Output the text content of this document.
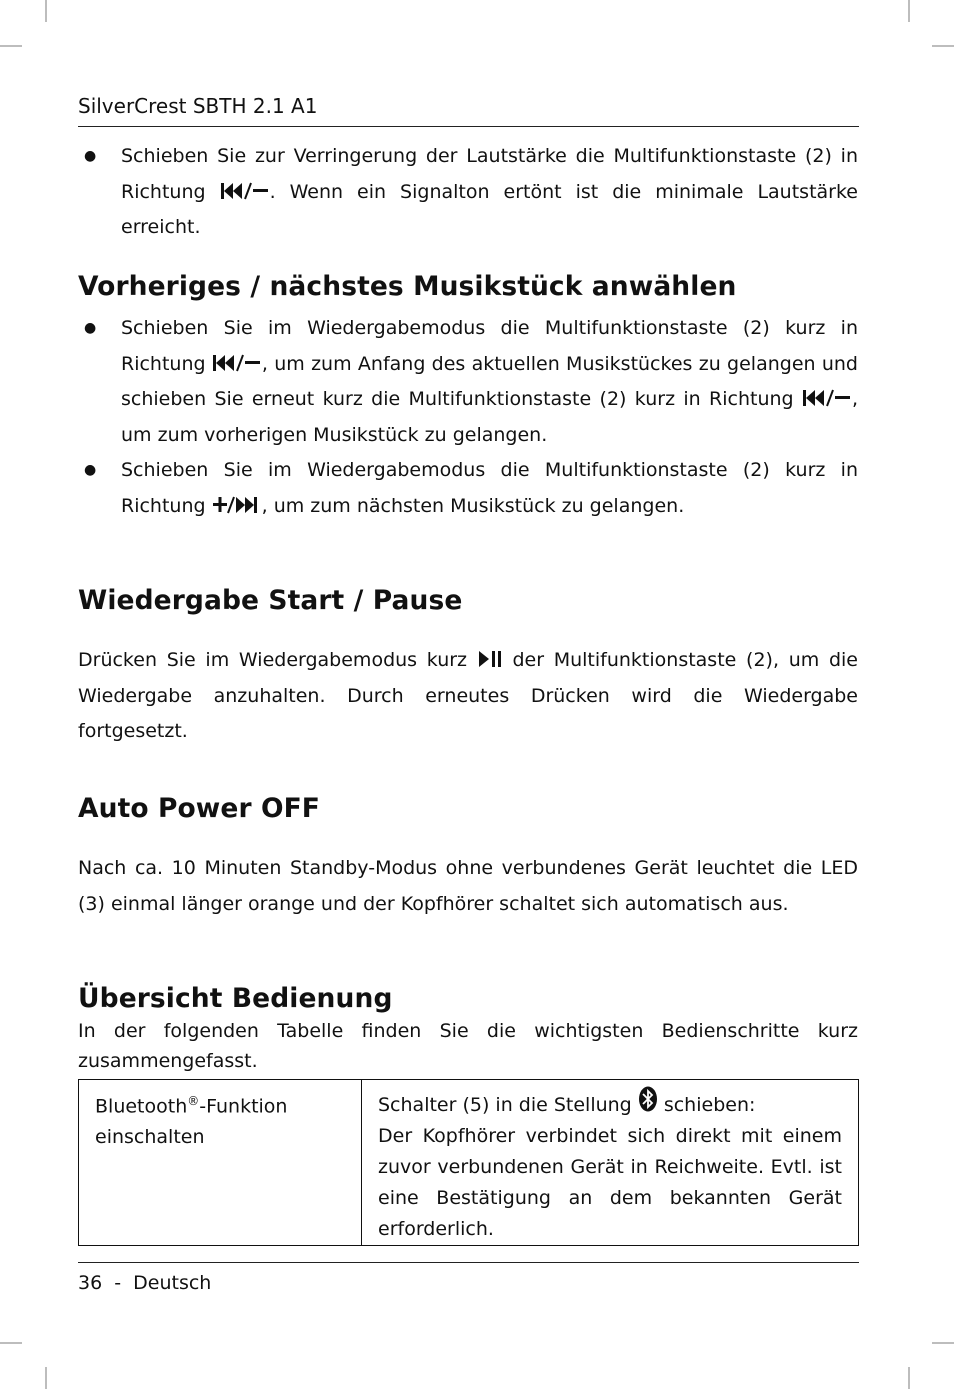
SilverCrest SBTH 2.1 A1
● Schieben Sie zur Verringerung der Lautstärke die Multifunktionstaste (2) in Richtung	. Wenn ein Signalton ertönt ist die minimale Lautstärke erreicht.
Vorheriges / nächstes Musikstück anwählen
● Schieben Sie im Wiedergabemodus die Multifunktionstaste (2) kurz in Richtung	, um zum Anfang des aktuellen Musikstückes zu gelangen und schieben Sie erneut kurz die Multifunktionstaste (2) kurz in Richtung	, um zum vorherigen Musikstück zu gelangen.
● Schieben Sie im Wiedergabemodus die Multifunktionstaste (2) kurz in Richtung	, um zum nächsten Musikstück zu gelangen.
Wiedergabe Start / Pause
Drücken Sie im Wiedergabemodus kurz
der Multifunktionstaste (2), um die Wiedergabe anzuhalten. Durch erneutes Drücken wird die Wiedergabe fortgesetzt.
Auto Power OFF
Nach ca. 10 Minuten Standby-Modus ohne verbundenes Gerät leuchtet die LED (3) einmal länger orange und der Kopfhörer schaltet sich automatisch aus.
Übersicht Bedienung
In der folgenden Tabelle finden Sie die wichtigsten Bedienschritte kurz zusammengefasst.
Bluetooth®-Funktion einschalten	Schalter (5) in die Stellung
schieben:
Der Kopfhörer verbindet sich direkt mit einem zuvor verbundenen Gerät in Reichweite. Evtl. ist eine Bestätigung an dem bekannten Gerät erforderlich.
36 - Deutsch
